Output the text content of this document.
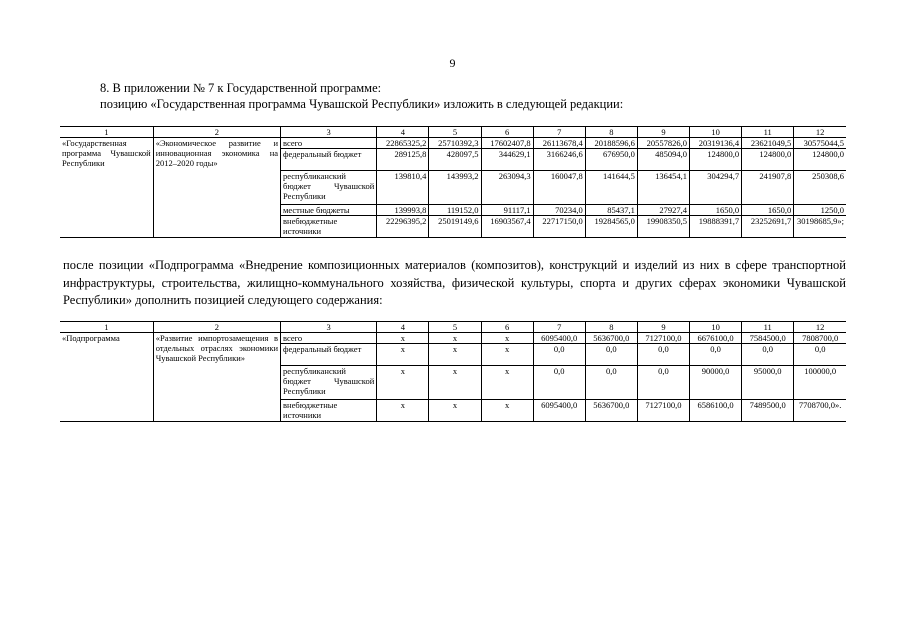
9
8. В приложении № 7 к Государственной программе:
позицию «Государственная программа Чувашской Республики» изложить в следующей редакции:
1	2	3	4	5	6	7	8	9	10	11	12
«Государственная программа Чувашской Республики	«Экономическое развитие и инновационная экономика на 2012–2020 годы»	всего	22865325,2	25710392,3	17602407,8	26113678,4	20188596,6	20557826,0	20319136,4	23621049,5	30575044,5
		федеральный бюджет	289125,8	428097,5	344629,1	3166246,6	676950,0	485094,0	124800,0	124800,0	124800,0
		республиканский бюджет Чувашской Республики	139810,4	143993,2	263094,3	160047,8	141644,5	136454,1	304294,7	241907,8	250308,6
		местные бюджеты	139993,8	119152,0	91117,1	70234,0	85437,1	27927,4	1650,0	1650,0	1250,0
		внебюджетные источники	22296395,2	25019149,6	16903567,4	22717150,0	19284565,0	19908350,5	19888391,7	23252691,7	30198685,9»;
после позиции «Подпрограмма «Внедрение композиционных материалов (композитов), конструкций и изделий из них в сфере транспортной инфраструктуры, строительства, жилищно-коммунального хозяйства, физической культуры, спорта и других сферах экономики Чувашской Республики» дополнить позицией следующего содержания:
1	2	3	4	5	6	7	8	9	10	11	12
«Подпрограмма	«Развитие импортозамещения в отдельных отраслях экономики Чувашской Республики»	всего	x	x	x	6095400,0	5636700,0	7127100,0	6676100,0	7584500,0	7808700,0
		федеральный бюджет	x	x	x	0,0	0,0	0,0	0,0	0,0	0,0
		республиканский бюджет Чувашской Республики	x	x	x	0,0	0,0	0,0	90000,0	95000,0	100000,0
		внебюджетные источники	x	x	x	6095400,0	5636700,0	7127100,0	6586100,0	7489500,0	7708700,0».
